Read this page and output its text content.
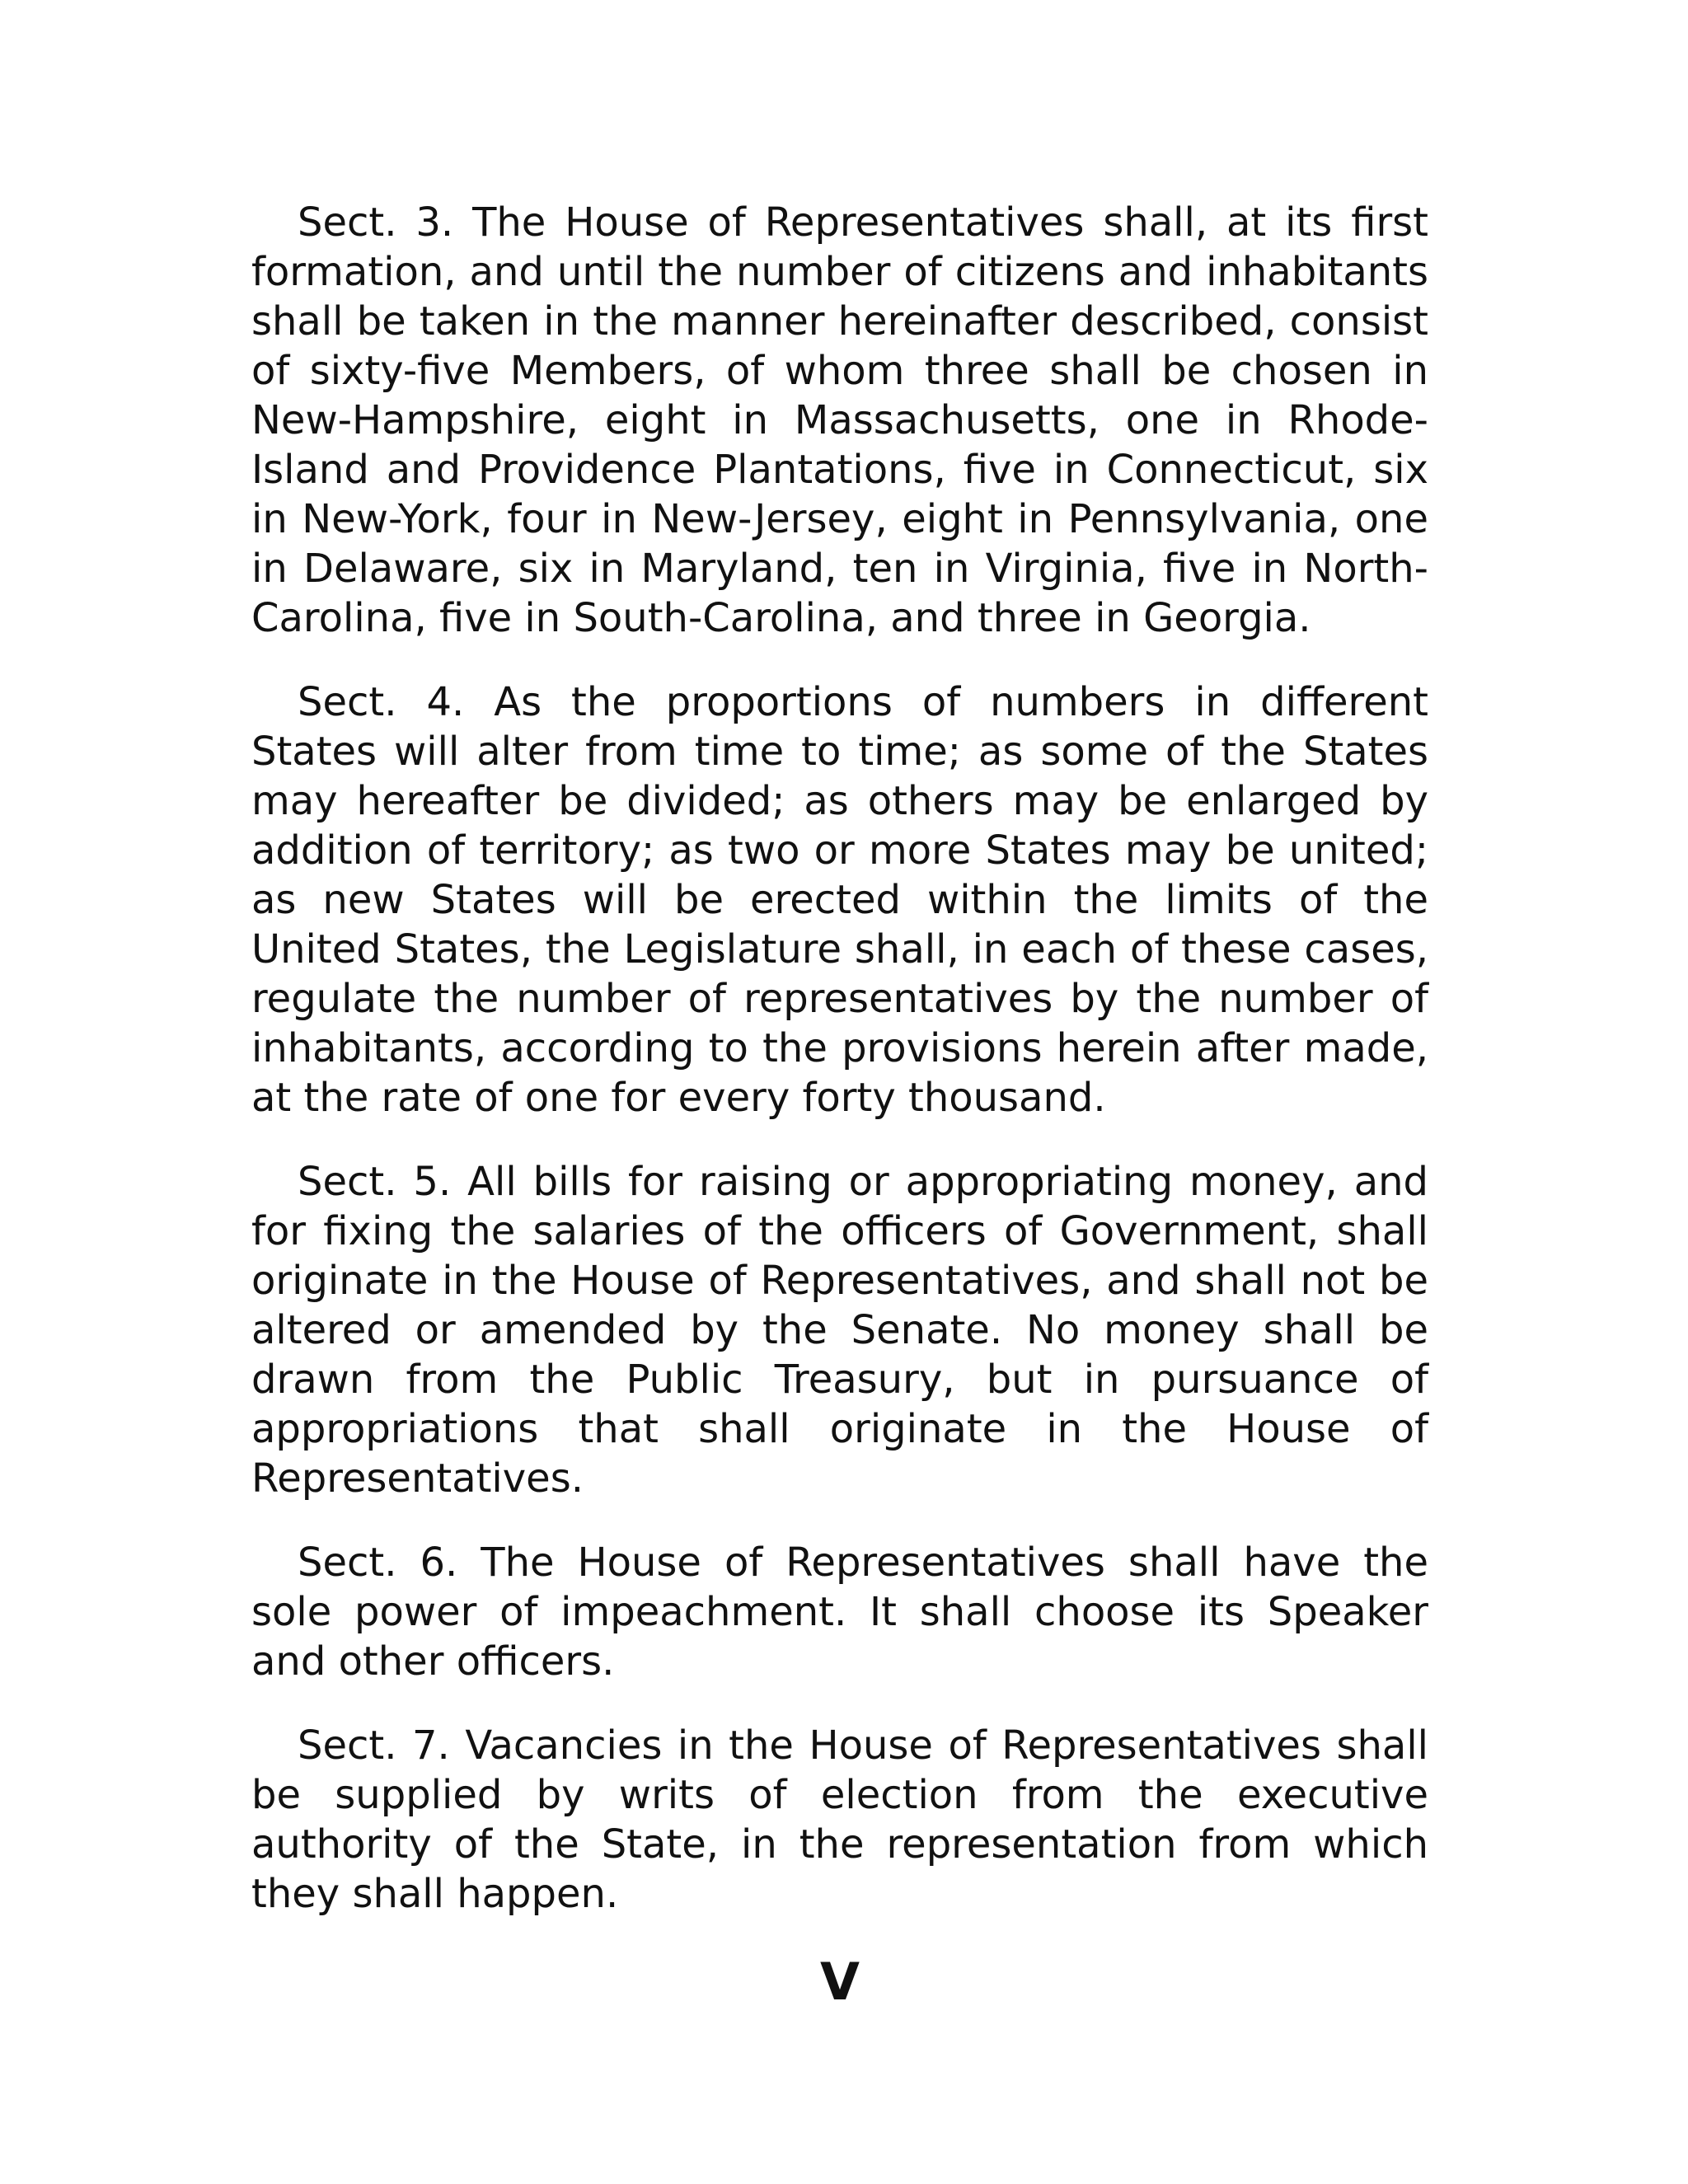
Sect. 3. The House of Representatives shall, at its first formation, and until the number of citizens and inhabitants shall be taken in the manner hereinafter described, consist of sixty-five Members, of whom three shall be chosen in New-Hampshire, eight in Massachusetts, one in Rhode-Island and Providence Plantations, five in Connecticut, six in New-York, four in New-Jersey, eight in Pennsylvania, one in Delaware, six in Maryland, ten in Virginia, five in North-Carolina, five in South-Carolina, and three in Georgia.

Sect. 4. As the proportions of numbers in different States will alter from time to time; as some of the States may hereafter be divided; as others may be enlarged by addition of territory; as two or more States may be united; as new States will be erected within the limits of the United States, the Legislature shall, in each of these cases, regulate the number of representatives by the number of inhabitants, according to the provisions herein after made, at the rate of one for every forty thousand.

Sect. 5. All bills for raising or appropriating money, and for fixing the salaries of the officers of Government, shall originate in the House of Representatives, and shall not be altered or amended by the Senate. No money shall be drawn from the Public Treasury, but in pursuance of appropriations that shall originate in the House of Representatives.

Sect. 6. The House of Representatives shall have the sole power of impeachment. It shall choose its Speaker and other officers.

Sect. 7. Vacancies in the House of Representatives shall be supplied by writs of election from the executive authority of the State, in the representation from which they shall happen.

V
